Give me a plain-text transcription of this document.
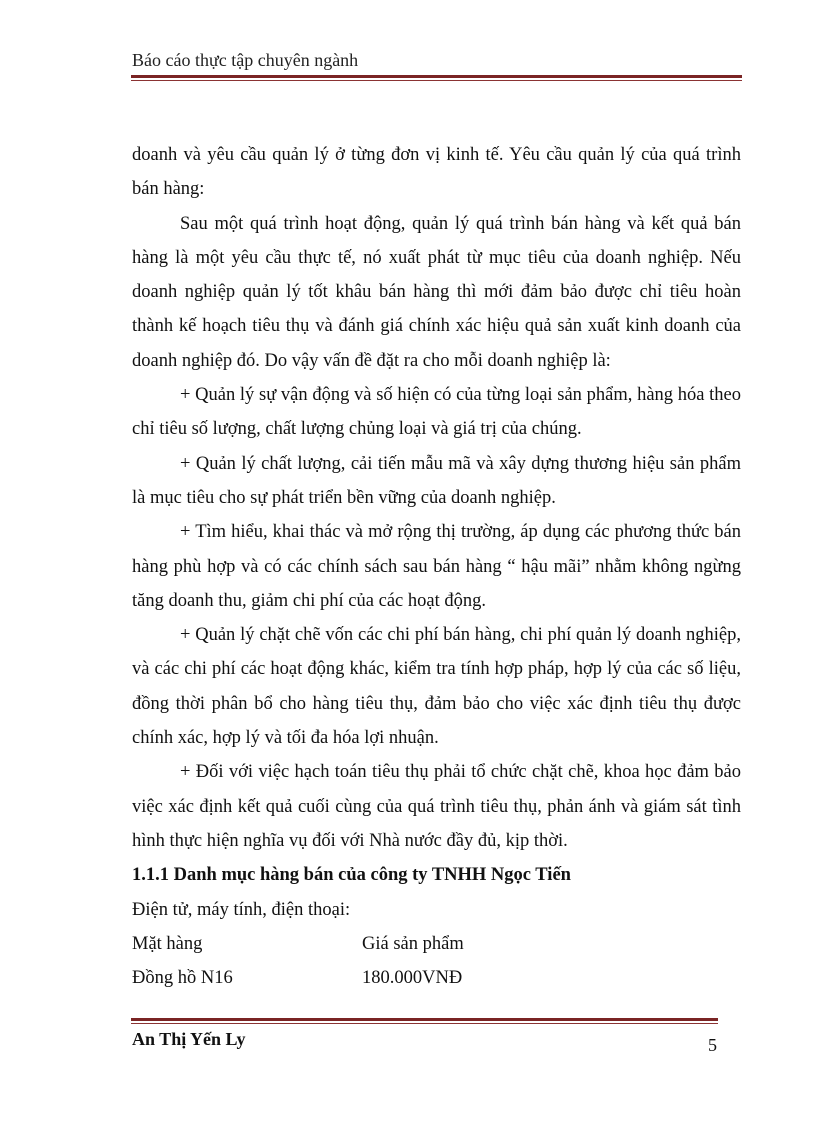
Báo cáo thực tập chuyên ngành

doanh và yêu cầu quản lý ở từng đơn vị kinh tế. Yêu cầu quản lý của quá trình bán hàng:

Sau một quá trình hoạt động, quản lý quá trình bán hàng và kết quả bán hàng là một yêu cầu thực tế, nó xuất phát từ mục tiêu của doanh nghiệp. Nếu doanh nghiệp quản lý tốt khâu bán hàng thì mới đảm bảo được chỉ tiêu hoàn thành kế hoạch tiêu thụ và đánh giá chính xác hiệu quả sản xuất kinh doanh của doanh nghiệp đó. Do vậy vấn đề đặt ra cho mỗi doanh nghiệp là:

+ Quản lý sự vận động và số hiện có của từng loại sản phẩm, hàng hóa theo chỉ tiêu số lượng, chất lượng chủng loại và giá trị của chúng.

+ Quản lý chất lượng, cải tiến mẫu mã và xây dựng thương hiệu sản phẩm là mục tiêu cho sự phát triển bền vững của doanh nghiệp.

+ Tìm hiểu, khai thác và mở rộng thị trường, áp dụng các phương thức bán hàng phù hợp và có các chính sách sau bán hàng “ hậu mãi” nhằm không ngừng tăng doanh thu, giảm chi phí của các hoạt động.

+ Quản lý chặt chẽ vốn các chi phí bán hàng, chi phí quản lý doanh nghiệp, và các chi phí các hoạt động khác, kiểm tra tính hợp pháp, hợp lý của các số liệu, đồng thời phân bổ cho hàng tiêu thụ, đảm bảo cho việc xác định tiêu thụ được chính xác, hợp lý và tối đa hóa lợi nhuận.

+ Đối với việc hạch toán tiêu thụ phải tổ chức chặt chẽ, khoa học đảm bảo việc xác định kết quả cuối cùng của quá trình tiêu thụ, phản ánh và giám sát tình hình thực hiện nghĩa vụ đối với Nhà nước đầy đủ, kịp thời.

1.1.1 Danh mục hàng bán của công ty TNHH Ngọc Tiến

Điện tử, máy tính, điện thoại:

Mặt hàng	Giá sản phẩm
Đồng hồ N16	180.000VNĐ
An Thị Yến Ly	5
